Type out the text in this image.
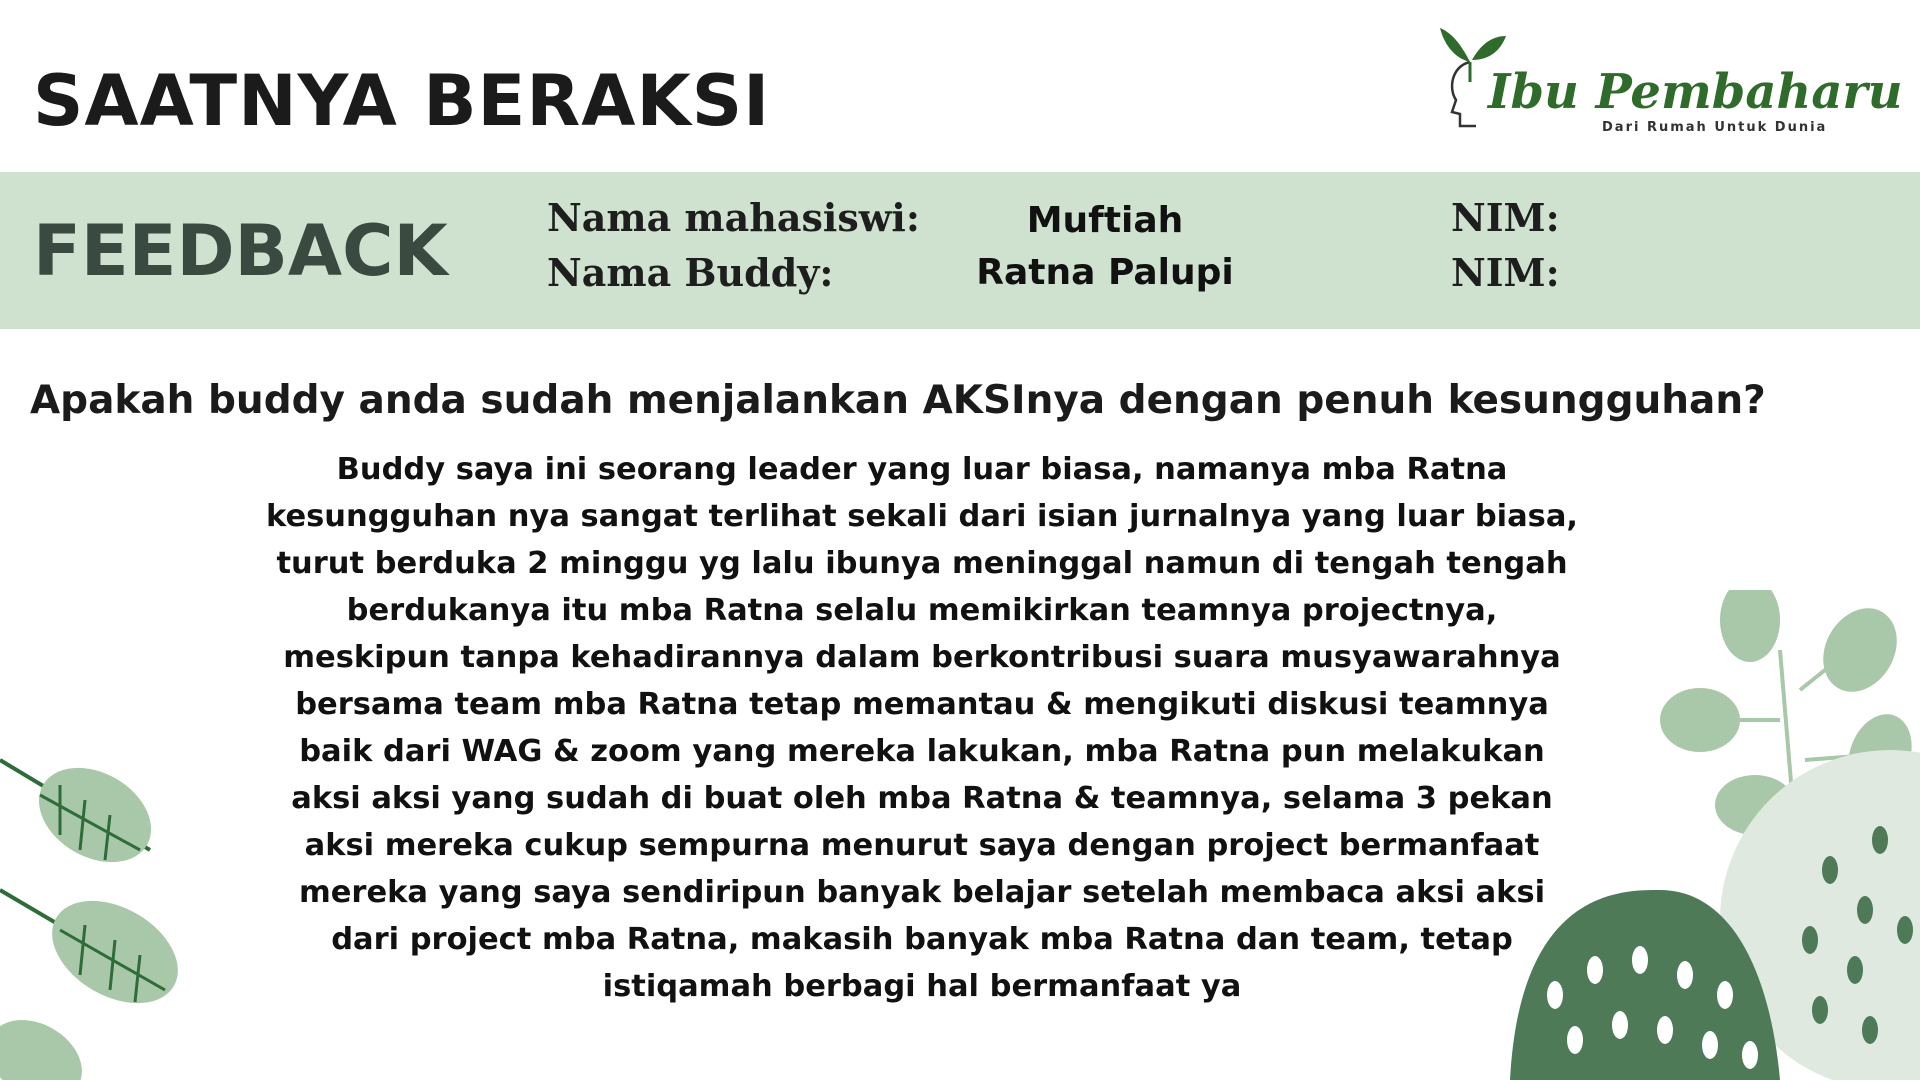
SAATNYA BERAKSI	Ibu Pembaharu
Dari Rumah Untuk Dunia
FEEDBACK	Nama mahasiswi:
Nama Buddy:
Muftiah
Ratna Palupi
NIM:
NIM:
Apakah buddy anda sudah menjalankan AKSInya dengan penuh kesungguhan?

Buddy saya ini seorang leader yang luar biasa, namanya mba Ratna kesungguhan nya sangat terlihat sekali dari isian jurnalnya yang luar biasa, turut berduka 2 minggu yg lalu ibunya meninggal namun di tengah tengah berdukanya itu mba Ratna selalu memikirkan teamnya projectnya, meskipun tanpa kehadirannya dalam berkontribusi suara musyawarahnya bersama team mba Ratna tetap memantau & mengikuti diskusi teamnya baik dari WAG & zoom yang mereka lakukan, mba Ratna pun melakukan aksi aksi yang sudah di buat oleh mba Ratna & teamnya, selama 3 pekan aksi mereka cukup sempurna menurut saya dengan project bermanfaat mereka yang saya sendiripun banyak belajar setelah membaca aksi aksi dari project mba Ratna, makasih banyak mba Ratna dan team, tetap istiqamah berbagi hal bermanfaat ya
